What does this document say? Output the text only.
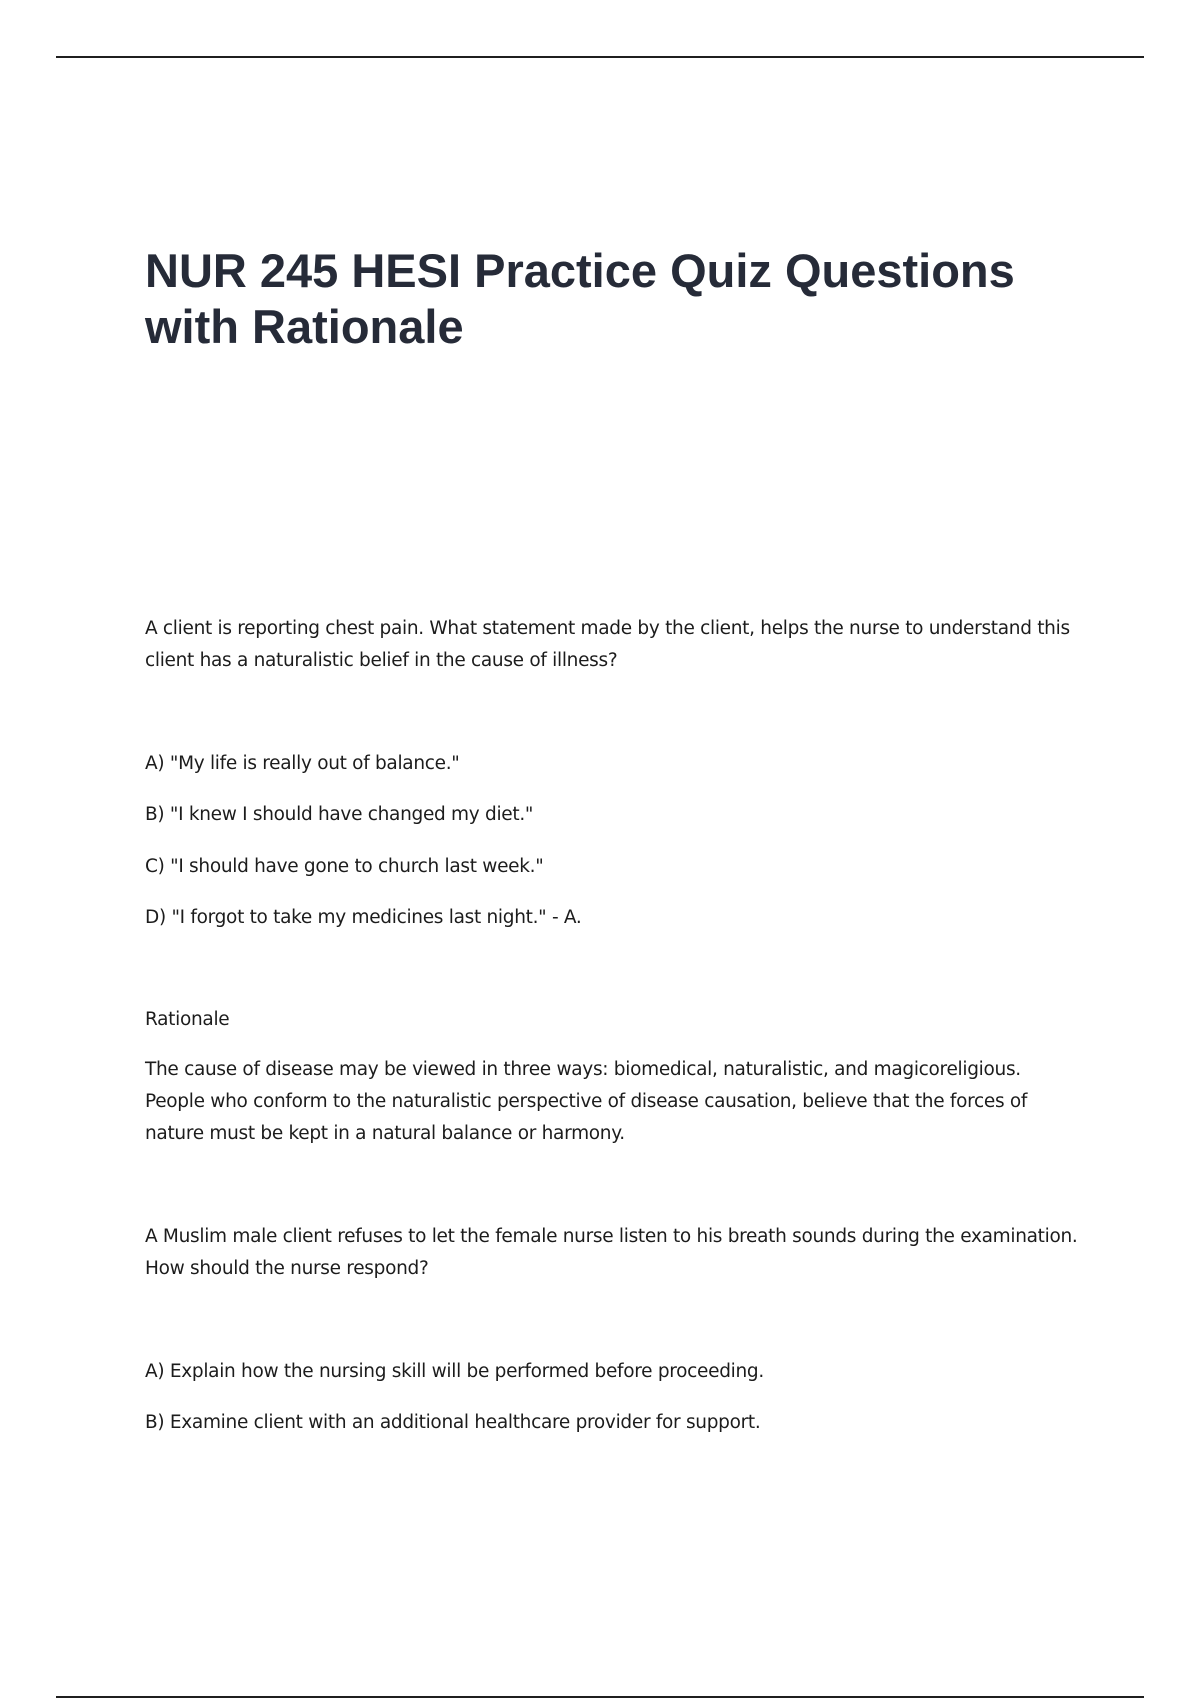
NUR 245 HESI Practice Quiz Questions with Rationale

A client is reporting chest pain. What statement made by the client, helps the nurse to understand this client has a naturalistic belief in the cause of illness?

A) "My life is really out of balance."

B) "I knew I should have changed my diet."

C) "I should have gone to church last week."

D) "I forgot to take my medicines last night." - A.

Rationale

The cause of disease may be viewed in three ways: biomedical, naturalistic, and magicoreligious. People who conform to the naturalistic perspective of disease causation, believe that the forces of nature must be kept in a natural balance or harmony.

A Muslim male client refuses to let the female nurse listen to his breath sounds during the examination. How should the nurse respond?

A) Explain how the nursing skill will be performed before proceeding.

B) Examine client with an additional healthcare provider for support.
